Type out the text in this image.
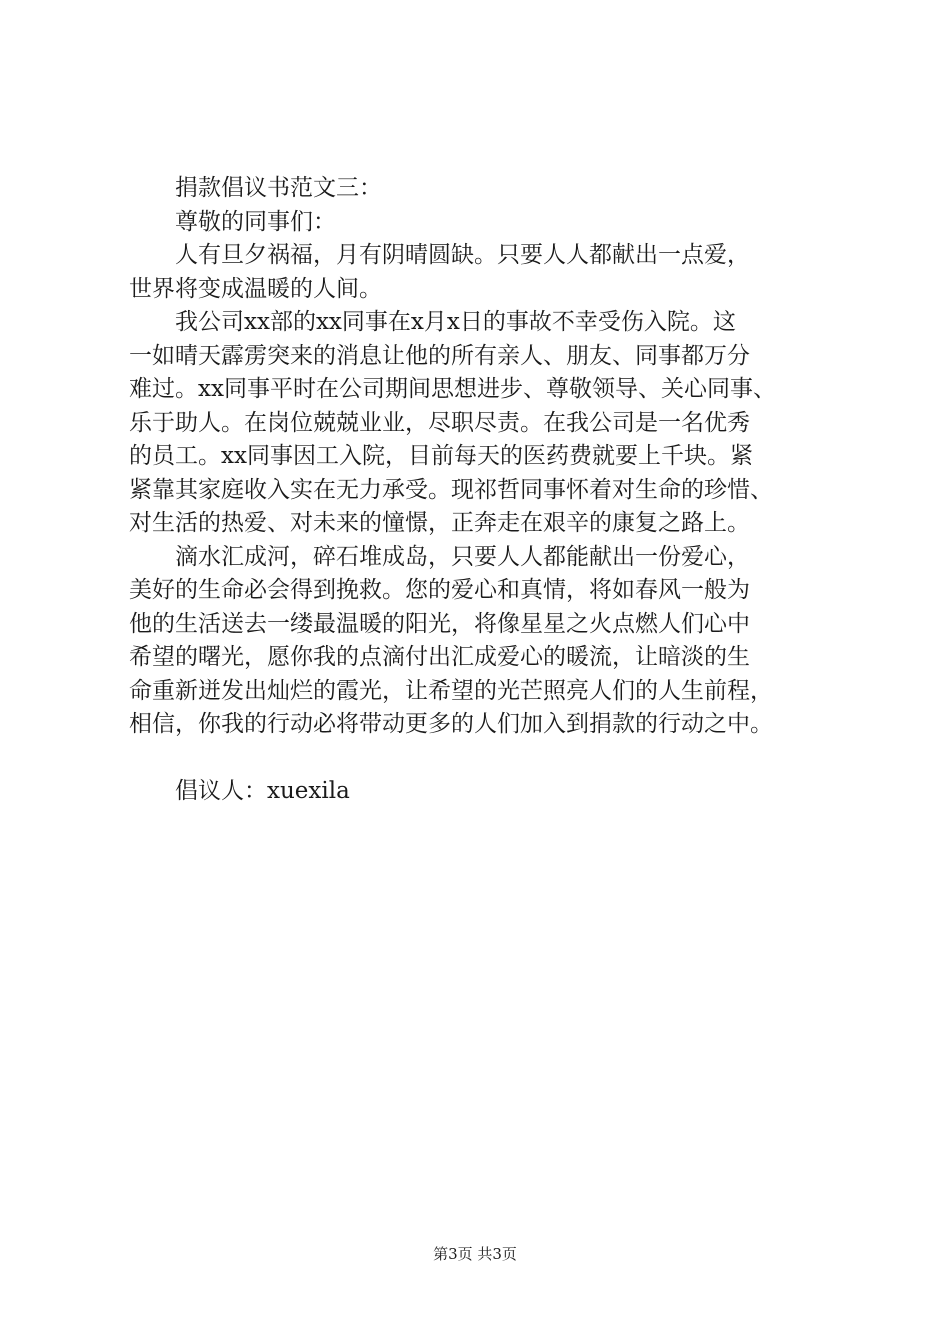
捐款倡议书范文三：
尊敬的同事们：
人有旦夕祸福，月有阴晴圆缺。只要人人都献出一点爱，
世界将变成温暖的人间。
我公司xx部的xx同事在x月x日的事故不幸受伤入院。这
一如晴天霹雳突来的消息让他的所有亲人、朋友、同事都万分
难过。xx同事平时在公司期间思想进步、尊敬领导、关心同事、
乐于助人。在岗位兢兢业业，尽职尽责。在我公司是一名优秀
的员工。xx同事因工入院，目前每天的医药费就要上千块。紧
紧靠其家庭收入实在无力承受。现祁哲同事怀着对生命的珍惜、
对生活的热爱、对未来的憧憬，正奔走在艰辛的康复之路上。
滴水汇成河，碎石堆成岛，只要人人都能献出一份爱心，
美好的生命必会得到挽救。您的爱心和真情，将如春风一般为
他的生活送去一缕最温暖的阳光，将像星星之火点燃人们心中
希望的曙光，愿你我的点滴付出汇成爱心的暖流，让暗淡的生
命重新迸发出灿烂的霞光，让希望的光芒照亮人们的人生前程，
相信，你我的行动必将带动更多的人们加入到捐款的行动之中。
倡议人：xuexila
第3页 共3页
